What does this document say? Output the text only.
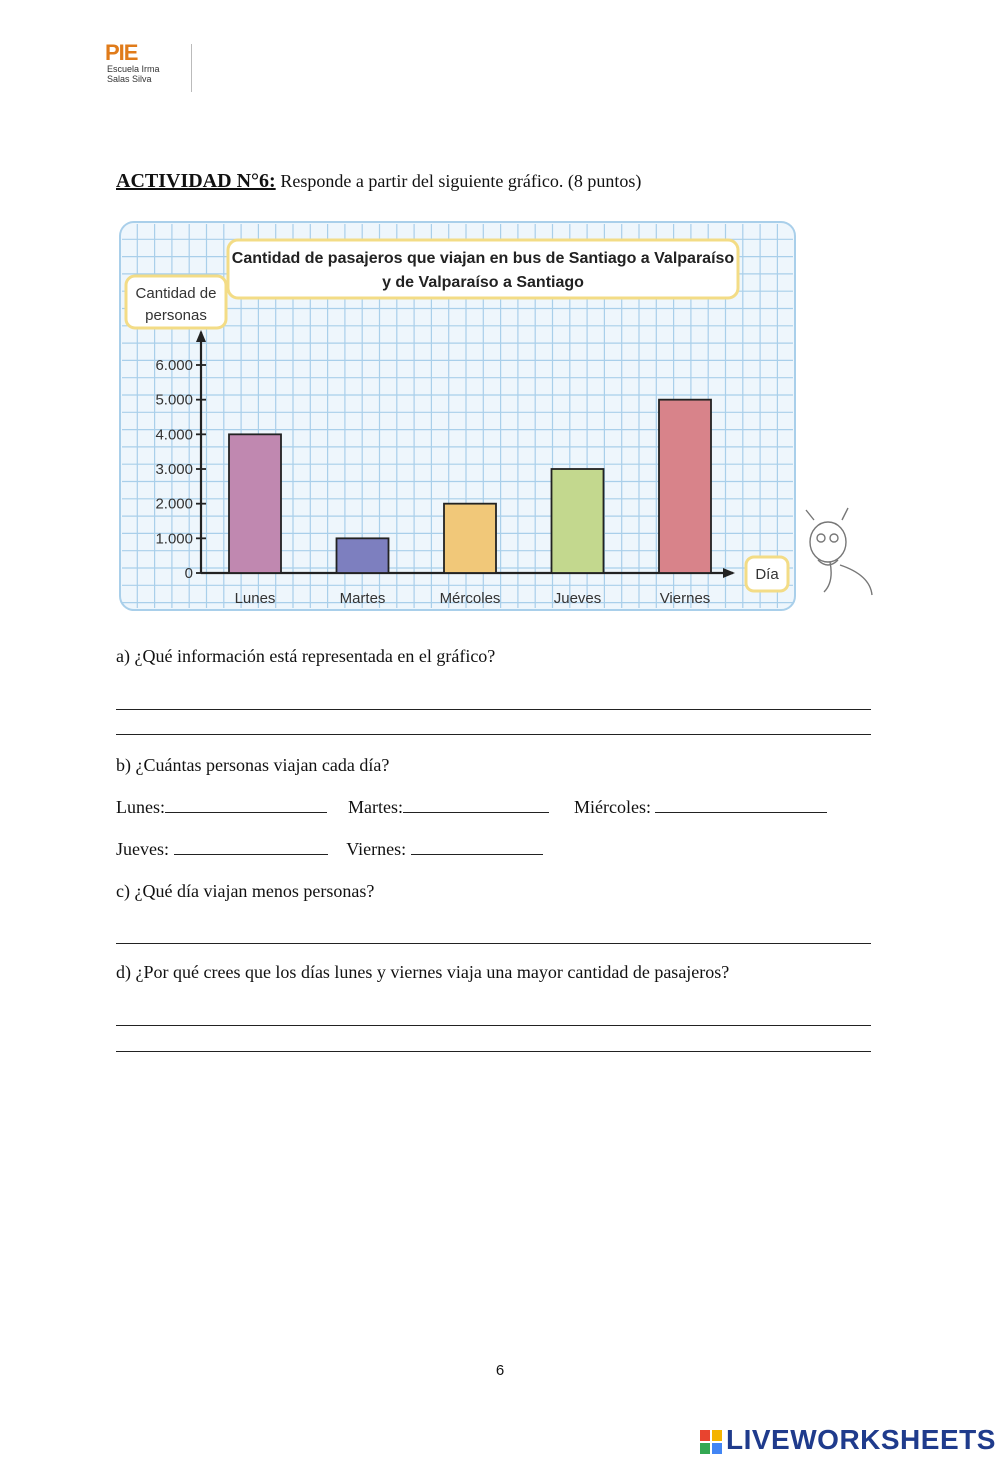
PIE
Escuela Irma
Salas Silva
ACTIVIDAD N°6: Responde a partir del siguiente gráfico. (8 puntos)
Cantidad de pasajeros que viajan en bus de Santiago a Valparaíso
y de Valparaíso a Santiago
Cantidad de
personas
Día
0
1.000
2.000
3.000
4.000
5.000
6.000
Lunes	Martes	Mércoles	Jueves	Viernes
a) ¿Qué información está representada en el gráfico?
b) ¿Cuántas personas viajan cada día?
Lunes:	Martes:	Miércoles:
Jueves:	Viernes:
c) ¿Qué día viajan menos personas?
d) ¿Por qué crees que los días lunes y viernes viaja una mayor cantidad de pasajeros?
6
LIVEWORKSHEETS
